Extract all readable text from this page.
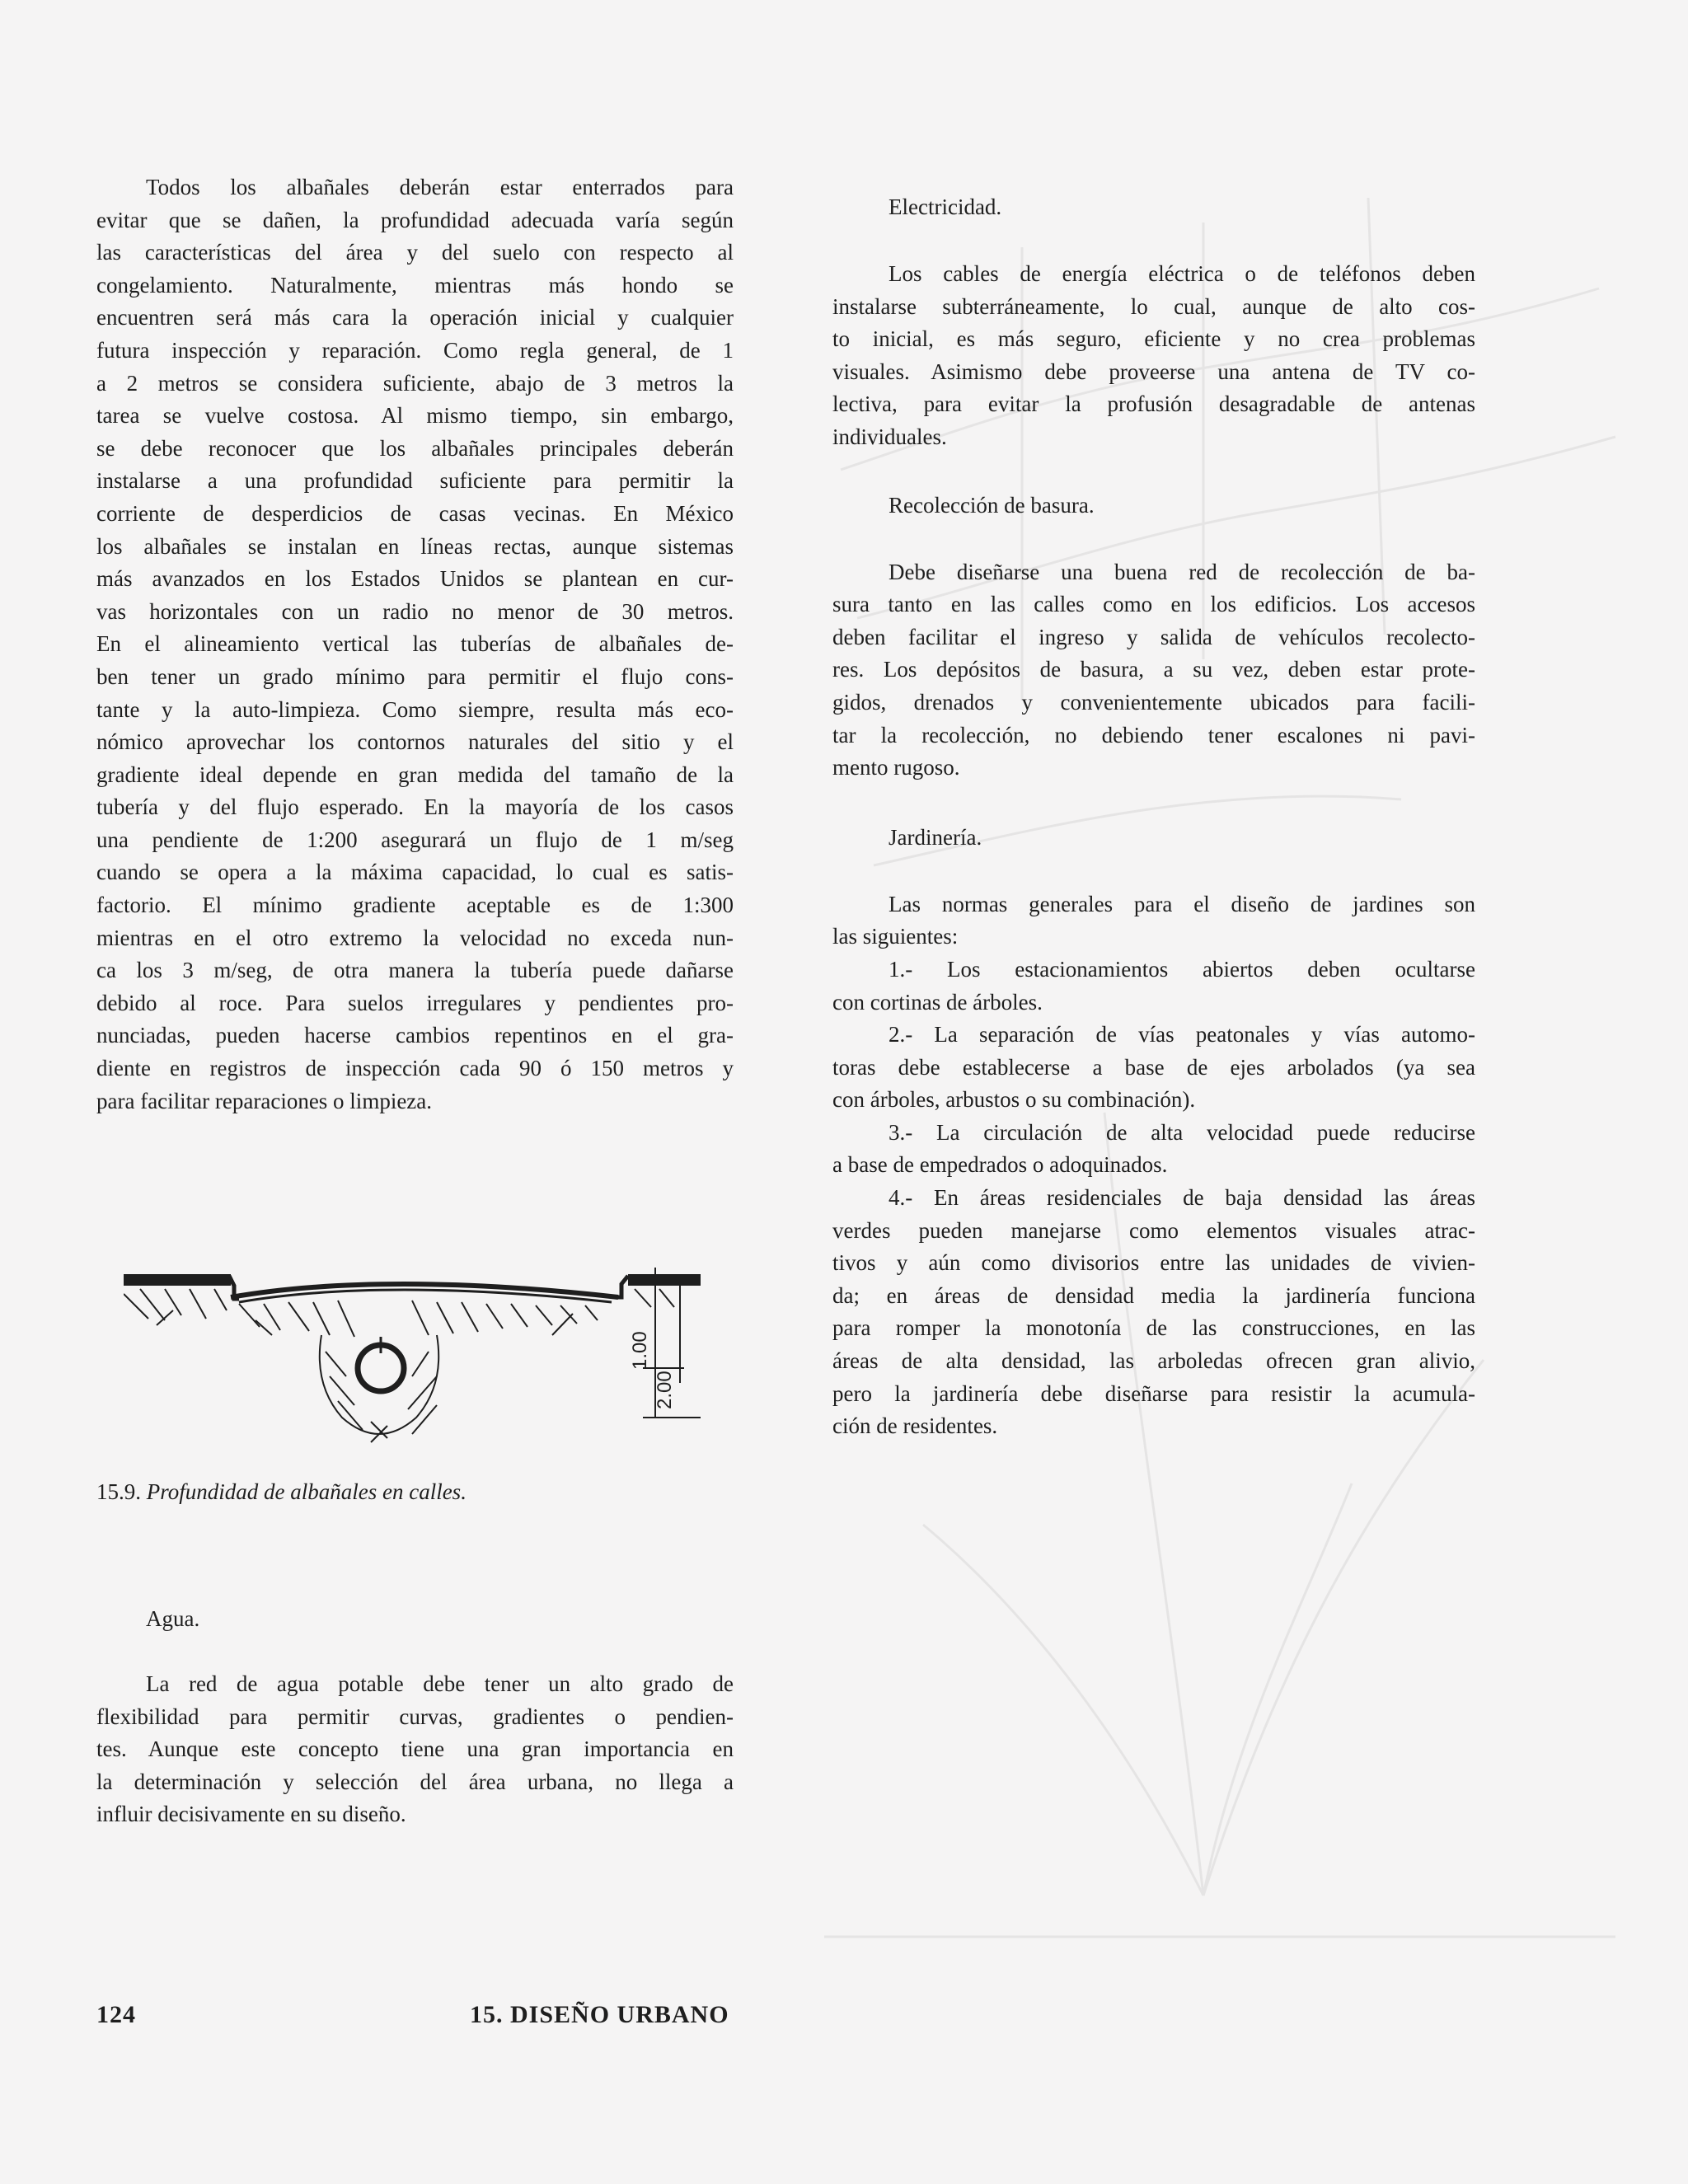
Todos los albañales deberán estar enterrados para
evitar que se dañen, la profundidad adecuada varía según
las características del área y del suelo con respecto al
congelamiento. Naturalmente, mientras más hondo se
encuentren será más cara la operación inicial y cualquier
futura inspección y reparación. Como regla general, de 1
a 2 metros se considera suficiente, abajo de 3 metros la
tarea se vuelve costosa. Al mismo tiempo, sin embargo,
se debe reconocer que los albañales principales deberán
instalarse a una profundidad suficiente para permitir la
corriente de desperdicios de casas vecinas. En México
los albañales se instalan en líneas rectas, aunque sistemas
más avanzados en los Estados Unidos se plantean en cur-
vas horizontales con un radio no menor de 30 metros.
En el alineamiento vertical las tuberías de albañales de-
ben tener un grado mínimo para permitir el flujo cons-
tante y la auto-limpieza. Como siempre, resulta más eco-
nómico aprovechar los contornos naturales del sitio y el
gradiente ideal depende en gran medida del tamaño de la
tubería y del flujo esperado. En la mayoría de los casos
una pendiente de 1:200 asegurará un flujo de 1 m/seg
cuando se opera a la máxima capacidad, lo cual es satis-
factorio. El mínimo gradiente aceptable es de 1:300
mientras en el otro extremo la velocidad no exceda nun-
ca los 3 m/seg, de otra manera la tubería puede dañarse
debido al roce. Para suelos irregulares y pendientes pro-
nunciadas, pueden hacerse cambios repentinos en el gra-
diente en registros de inspección cada 90 ó 150 metros y
para facilitar reparaciones o limpieza.

1.00
2.00
15.9. Profundidad de albañales en calles.
Agua.

La red de agua potable debe tener un alto grado de
flexibilidad para permitir curvas, gradientes o pendien-
tes. Aunque este concepto tiene una gran importancia en
la determinación y selección del área urbana, no llega a
influir decisivamente en su diseño.

Electricidad.

Los cables de energía eléctrica o de teléfonos deben
instalarse subterráneamente, lo cual, aunque de alto cos-
to inicial, es más seguro, eficiente y no crea problemas
visuales. Asimismo debe proveerse una antena de TV co-
lectiva, para evitar la profusión desagradable de antenas
individuales.

Recolección de basura.

Debe diseñarse una buena red de recolección de ba-
sura tanto en las calles como en los edificios. Los accesos
deben facilitar el ingreso y salida de vehículos recolecto-
res. Los depósitos de basura, a su vez, deben estar prote-
gidos, drenados y convenientemente ubicados para facili-
tar la recolección, no debiendo tener escalones ni pavi-
mento rugoso.

Jardinería.

Las normas generales para el diseño de jardines son
las siguientes:
1.- Los estacionamientos abiertos deben ocultarse
con cortinas de árboles.
2.- La separación de vías peatonales y vías automo-
toras debe establecerse a base de ejes arbolados (ya sea
con árboles, arbustos o su combinación).
3.- La circulación de alta velocidad puede reducirse
a base de empedrados o adoquinados.
4.- En áreas residenciales de baja densidad las áreas
verdes pueden manejarse como elementos visuales atrac-
tivos y aún como divisorios entre las unidades de vivien-
da; en áreas de densidad media la jardinería funciona
para romper la monotonía de las construcciones, en las
áreas de alta densidad, las arboledas ofrecen gran alivio,
pero la jardinería debe diseñarse para resistir la acumula-
ción de residentes.

124	15. DISEÑO URBANO
